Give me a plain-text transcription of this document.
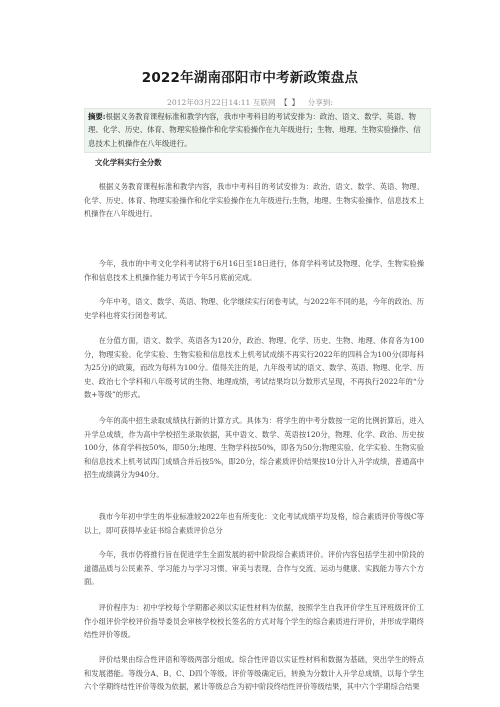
2022年湖南邵阳市中考新政策盘点
2012年03月22日14:11 互联网 【 】 分享到:
摘要:根据义务教育课程标准和教学内容，我市中考科目的考试安排为：政治、语文、数学、英语、物理、化学、历史、体育、物理实验操作和化学实验操作在九年级进行；生物、地理、生物实验操作、信息技术上机操作在八年级进行。
文化学科实行全分数

根据义务教育课程标准和教学内容，我市中考科目的考试安排为：政治、语文、数学、英语、物理、化学、历史、体育、物理实验操作和化学实验操作在九年级进行;生物，地理、生物实验操作、信息技术上机操作在八年级进行。

今年，我市的中考文化学科考试将于6月16日至18日进行，体育学科考试及物理、化学、生物实验操作和信息技术上机操作能力考试于今年5月底前完成。

今年中考，语文、数学、英语、物理、化学继续实行闭卷考试，与2022年不同的是，今年的政治、历史学科也将实行闭卷考试。

在分值方面，语文、数学、英语各为120分，政治、物理、化学、历史、生物、地理、体育各为100分，物理实验、化学实验、生物实验和信息技术上机考试成绩不再实行2022年的四科合为100分(即每科为25分)的政策，而改为每科为100分。值得关注的是，九年级考试的语文、数学、英语、物理、化学、历史、政治七个学科和八年级考试的生物、地理成绩，考试结果均以分数形式呈现，不再执行2022年的“分数+等级”的形式。

今年的高中招生录取成绩执行新的计算方式。具体为：将学生的中考分数按一定的比例折算后，进入升学总成绩，作为高中学校招生录取依据，其中语文、数学、英语按120分，物理、化学、政治、历史按100分，体育学科按50%，即50分;地理、生物学科按50%，即各为50分;物理实验、化学实验、生物实验和信息技术上机考试四门成绩合并后按5%，即20分，综合素质评价结果按10分计入升学成绩，普通高中招生成绩满分为940分。

我市今年初中学生的毕业标准较2022年也有所变化：文化考试成绩平均及格，综合素质评价等级C等以上，即可获得毕业证书综合素质评价总分

今年，我市仍将推行旨在促进学生全面发展的初中阶段综合素质评价。评价内容包括学生初中阶段的道德品质与公民素养、学习能力与学习习惯、审美与表现、合作与交流、运动与健康、实践能力等六个方面。

评价程序为：初中学校每个学期都必须以实证性材料为依据，按照学生自我评价学生互评班级评价工作小组评价学校评价指导委员会审核学校校长签名的方式对每个学生的综合素质进行评价，并形成学期终结性评价等级。

评价结果由综合性评语和等级两部分组成。综合性评语以实证性材料和数据为基础，突出学生的特点和发展潜能。等级分A、B、C、D四个等级。评价等级确定后，转换为分数计入升学总成绩，以每个学生六个学期终结性评价等级为依据，累计等级总合为初中阶段终结性评价等级结果，其中六个学期综合结果
